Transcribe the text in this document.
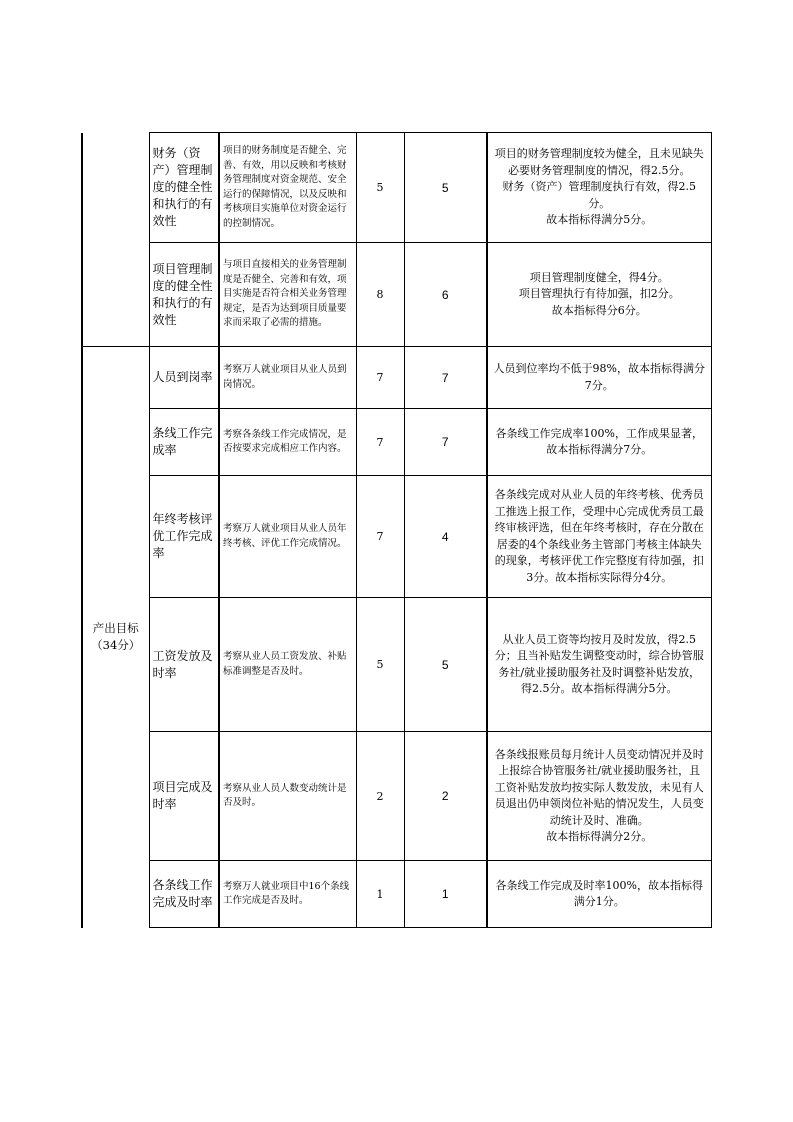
	财务（资产）管理制度的健全性和执行的有效性	项目的财务制度是否健全、完善、有效，用以反映和考核财务管理制度对资金规范、安全运行的保障情况，以及反映和考核项目实施单位对资金运行的控制情况。	5	5	项目的财务管理制度较为健全，且未见缺失必要财务管理制度的情况，得2.5分。
财务（资产）管理制度执行有效，得2.5分。
故本指标得满分5分。

	项目管理制度的健全性和执行的有效性	与项目直接相关的业务管理制度是否健全、完善和有效，项目实施是否符合相关业务管理规定，是否为达到项目质量要求而采取了必需的措施。	8	6	项目管理制度健全，得4分。
项目管理执行有待加强，扣2分。
故本指标得分6分。

产出目标（34分）	人员到岗率	考察万人就业项目从业人员到岗情况。	7	7	人员到位率均不低于98%，故本指标得满分7分。

	条线工作完成率	考察各条线工作完成情况，是否按要求完成相应工作内容。	7	7	各条线工作完成率100%，工作成果显著，故本指标得满分7分。

	年终考核评优工作完成率	考察万人就业项目从业人员年终考核、评优工作完成情况。	7	4	各条线完成对从业人员的年终考核、优秀员工推选上报工作，受理中心完成优秀员工最终审核评选，但在年终考核时，存在分散在居委的4个条线业务主管部门考核主体缺失的现象，考核评优工作完整度有待加强，扣3分。故本指标实际得分4分。

	工资发放及时率	考察从业人员工资发放、补贴标准调整是否及时。	5	5	从业人员工资等均按月及时发放，得2.5分；且当补贴发生调整变动时，综合协管服务社/就业援助服务社及时调整补贴发放，得2.5分。故本指标得满分5分。

	项目完成及时率	考察从业人员人数变动统计是否及时。	2	2	各条线报账员每月统计人员变动情况并及时上报综合协管服务社/就业援助服务社，且工资补贴发放均按实际人数发放，未见有人员退出仍申领岗位补贴的情况发生，人员变动统计及时、准确。
故本指标得满分2分。

	各条线工作完成及时率	考察万人就业项目中16个条线工作完成是否及时。	1	1	各条线工作完成及时率100%，故本指标得满分1分。
